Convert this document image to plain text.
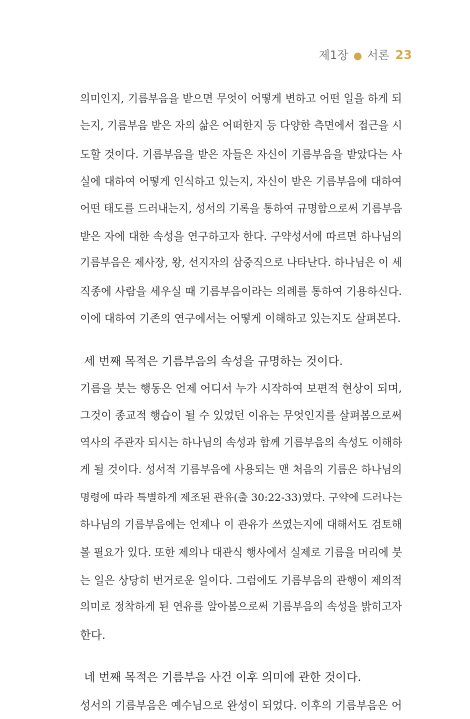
제1장 ● 서론 23
의미인지, 기름부음을 받으면 무엇이 어떻게 변하고 어떤 일을 하게 되
는지, 기름부음 받은 자의 삶은 어떠한지 등 다양한 측면에서 접근을 시
도할 것이다. 기름부음을 받은 자들은 자신이 기름부음을 받았다는 사
실에 대하여 어떻게 인식하고 있는지, 자신이 받은 기름부음에 대하여
어떤 태도를 드러내는지, 성서의 기록을 통하여 규명함으로써 기름부음
받은 자에 대한 속성을 연구하고자 한다. 구약성서에 따르면 하나님의
기름부음은 제사장, 왕, 선지자의 삼중직으로 나타난다. 하나님은 이 세
직종에 사람을 세우실 때 기름부음이라는 의례를 통하여 기용하신다.
이에 대하여 기존의 연구에서는 어떻게 이해하고 있는지도 살펴본다.
세 번째 목적은 기름부음의 속성을 규명하는 것이다.
기름을 붓는 행동은 언제 어디서 누가 시작하여 보편적 현상이 되며,
그것이 종교적 행습이 될 수 있었던 이유는 무엇인지를 살펴봄으로써
역사의 주관자 되시는 하나님의 속성과 함께 기름부음의 속성도 이해하
게 될 것이다. 성서적 기름부음에 사용되는 맨 처음의 기름은 하나님의
명령에 따라 특별하게 제조된 관유(출 30:22-33)였다. 구약에 드러나는
하나님의 기름부음에는 언제나 이 관유가 쓰였는지에 대해서도 검토해
볼 필요가 있다. 또한 제의나 대관식 행사에서 실제로 기름을 머리에 붓
는 일은 상당히 번거로운 일이다. 그럼에도 기름부음의 관행이 제의적
의미로 정착하게 된 연유를 알아봄으로써 기름부음의 속성을 밝히고자
한다.
네 번째 목적은 기름부음 사건 이후 의미에 관한 것이다.
성서의 기름부음은 예수님으로 완성이 되었다. 이후의 기름부음은 어
